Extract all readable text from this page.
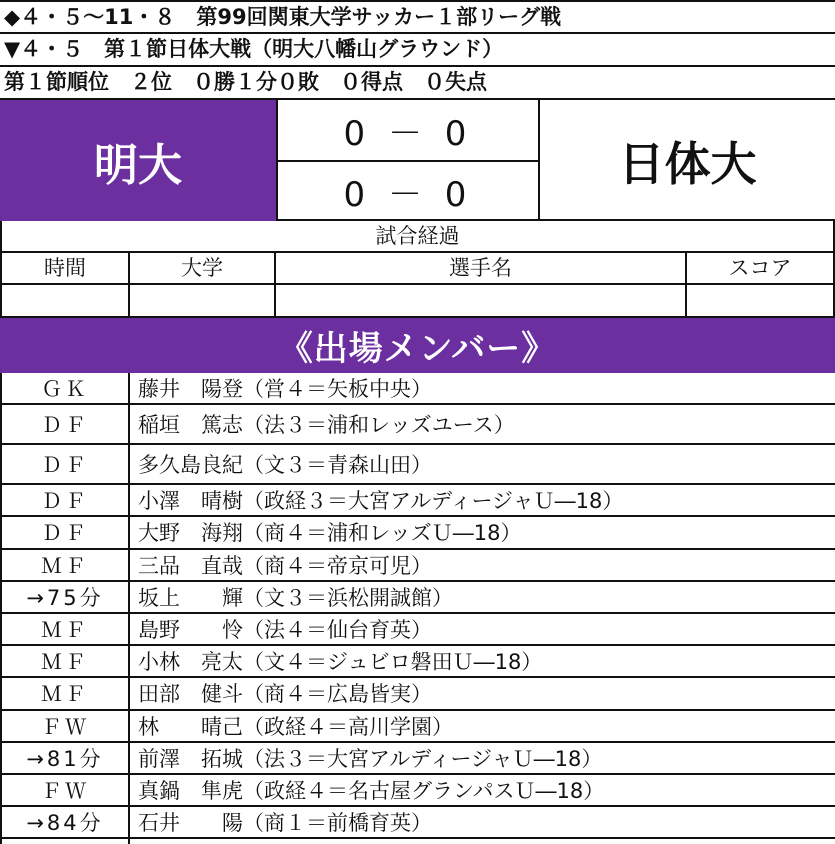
◆４・５～11・８　第99回関東大学サッカー１部リーグ戦
▼４・５　第１節日体大戦（明大八幡山グラウンド）
第１節順位　２位　０勝１分０敗　０得点　０失点
明大
0 － 0
0 － 0
日体大
試合経過
時間	大学	選手名	スコア
《出場メンバー》
ＧＫ	藤井　陽登（営４＝矢板中央）
ＤＦ	稲垣　篤志（法３＝浦和レッズユース）
ＤＦ	多久島良紀（文３＝青森山田）
ＤＦ	小澤　晴樹（政経３＝大宮アルディージャＵ―18）
ＤＦ	大野　海翔（商４＝浦和レッズＵ―18）
ＭＦ	三品　直哉（商４＝帝京可児）
→75分	坂上　　輝（文３＝浜松開誠館）
ＭＦ	島野　　怜（法４＝仙台育英）
ＭＦ	小林　亮太（文４＝ジュビロ磐田Ｕ―18）
ＭＦ	田部　健斗（商４＝広島皆実）
ＦＷ	林　　晴己（政経４＝高川学園）
→81分	前澤　拓城（法３＝大宮アルディージャＵ―18）
ＦＷ	真鍋　隼虎（政経４＝名古屋グランパスＵ―18）
→84分	石井　　陽（商１＝前橋育英）
